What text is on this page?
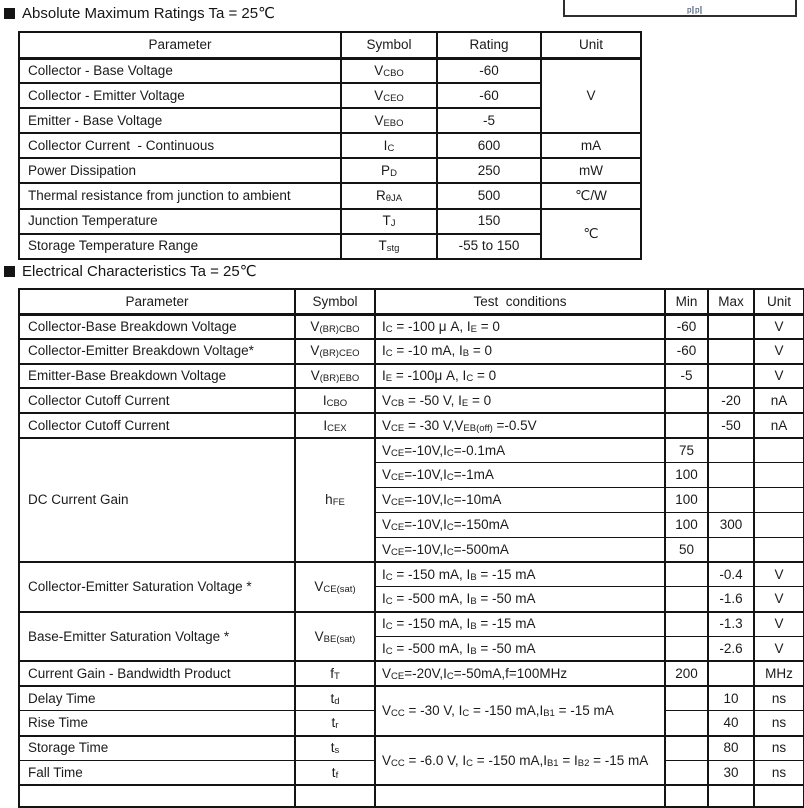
d d
Absolute Maximum Ratings Ta = 25℃
Parameter	Symbol	Rating	Unit
Collector - Base Voltage	VCBO	-60	V
Collector - Emitter Voltage	VCEO	-60	
Emitter - Base Voltage	VEBO	-5	
Collector Current  - Continuous	IC	600	mA
Power Dissipation	PD	250	mW
Thermal resistance from junction to ambient	RθJA	500	℃/W
Junction Temperature	TJ	150	℃
Storage Temperature Range	Tstg	-55 to 150	
Electrical Characteristics Ta = 25℃
Parameter	Symbol	Test  conditions	Min	Max	Unit
Collector-Base Breakdown Voltage	V(BR)CBO	IC = -100 μ A, IE = 0	-60		V
Collector-Emitter Breakdown Voltage*	V(BR)CEO	IC = -10 mA, IB = 0	-60		V
Emitter-Base Breakdown Voltage	V(BR)EBO	IE = -100μ A, IC = 0	-5		V
Collector Cutoff Current	ICBO	VCB = -50 V, IE = 0		-20	nA
Collector Cutoff Current	ICEX	VCE = -30 V,VEB(off) =-0.5V		-50	nA
DC Current Gain	hFE	VCE=-10V,IC=-0.1mA	75		
		VCE=-10V,IC=-1mA	100		
		VCE=-10V,IC=-10mA	100		
		VCE=-10V,IC=-150mA	100	300	
		VCE=-10V,IC=-500mA	50		
Collector-Emitter Saturation Voltage *	VCE(sat)	IC = -150 mA, IB = -15 mA		-0.4	V
		IC = -500 mA, IB = -50 mA		-1.6	V
Base-Emitter Saturation Voltage *	VBE(sat)	IC = -150 mA, IB = -15 mA		-1.3	V
		IC = -500 mA, IB = -50 mA		-2.6	V
Current Gain - Bandwidth Product	fT	VCE=-20V,IC=-50mA,f=100MHz	200		MHz
Delay Time	td	VCC = -30 V, IC = -150 mA,IB1 = -15 mA		10	ns
Rise Time	tr			40	ns
Storage Time	ts	VCC = -6.0 V, IC = -150 mA,IB1 = IB2 = -15 mA		80	ns
Fall Time	tf			30	ns
